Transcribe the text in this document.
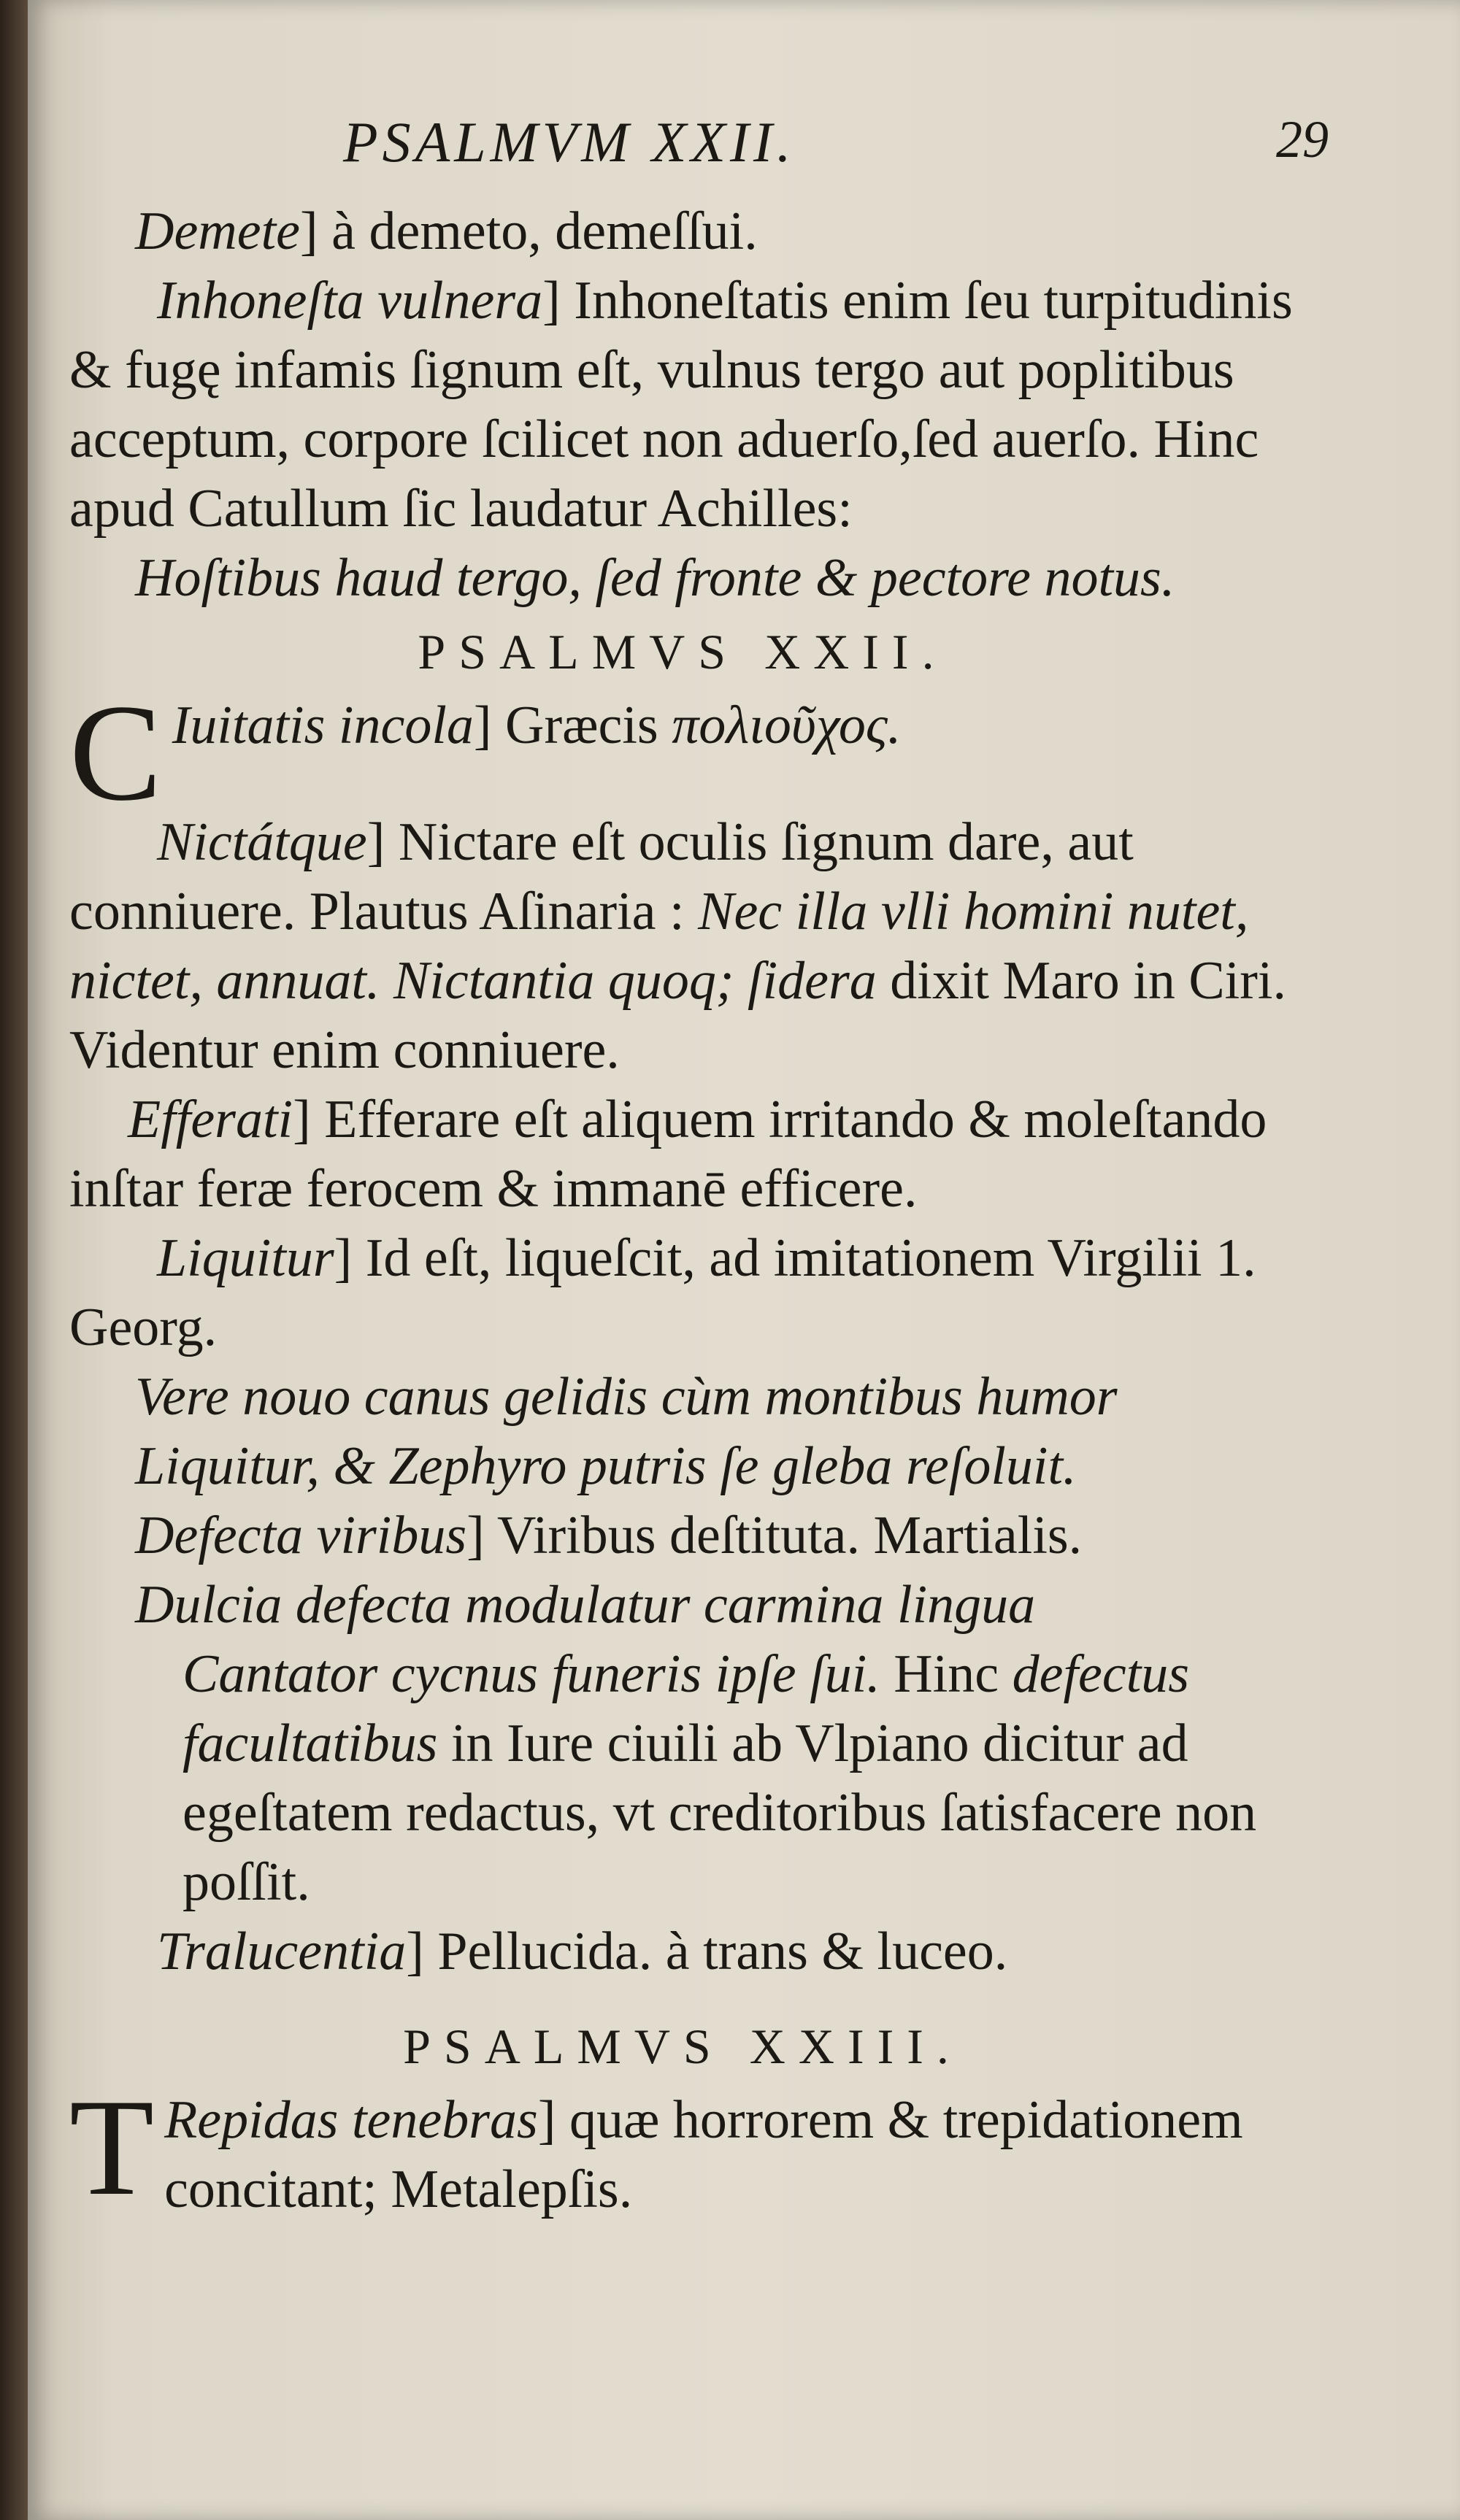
PSALMVM XXII.	29

Demete] à demeto, demeſſui.

Inhoneſta vulnera] Inhoneſtatis enim ſeu turpitudinis & fugę infamis ſignum eſt, vulnus tergo aut poplitibus acceptum, corpore ſcilicet non aduerſo,ſed auerſo. Hinc apud Catullum ſic laudatur Achilles:

Hoſtibus haud tergo, ſed fronte & pectore notus.

PSALMVS XXII.

C Iuitatis incola] Græcis πολιοῦχος.

Nictátque] Nictare eſt oculis ſignum dare, aut conniuere. Plautus Aſinaria : Nec illa vlli homini nutet, nictet, annuat. Nictantia quoq; ſidera dixit Maro in Ciri. Videntur enim conniuere.

Efferati] Efferare eſt aliquem irritando & moleſtando inſtar feræ ferocem & immanē efficere.

Liquitur] Id eſt, liqueſcit, ad imitationem Virgilii 1. Georg.

Vere nouo canus gelidis cùm montibus humor

Liquitur, & Zephyro putris ſe gleba reſoluit.

Defecta viribus] Viribus deſtituta. Martialis.

Dulcia defecta modulatur carmina lingua

Cantator cycnus funeris ipſe ſui. Hinc defectus facultatibus in Iure ciuili ab Vlpiano dicitur ad egeſtatem redactus, vt creditoribus ſatisfacere non poſſit.

Tralucentia] Pellucida. à trans & luceo.

PSALMVS XXIII.

T Repidas tenebras] quæ horrorem & trepidationem concitant; Metalepſis.
